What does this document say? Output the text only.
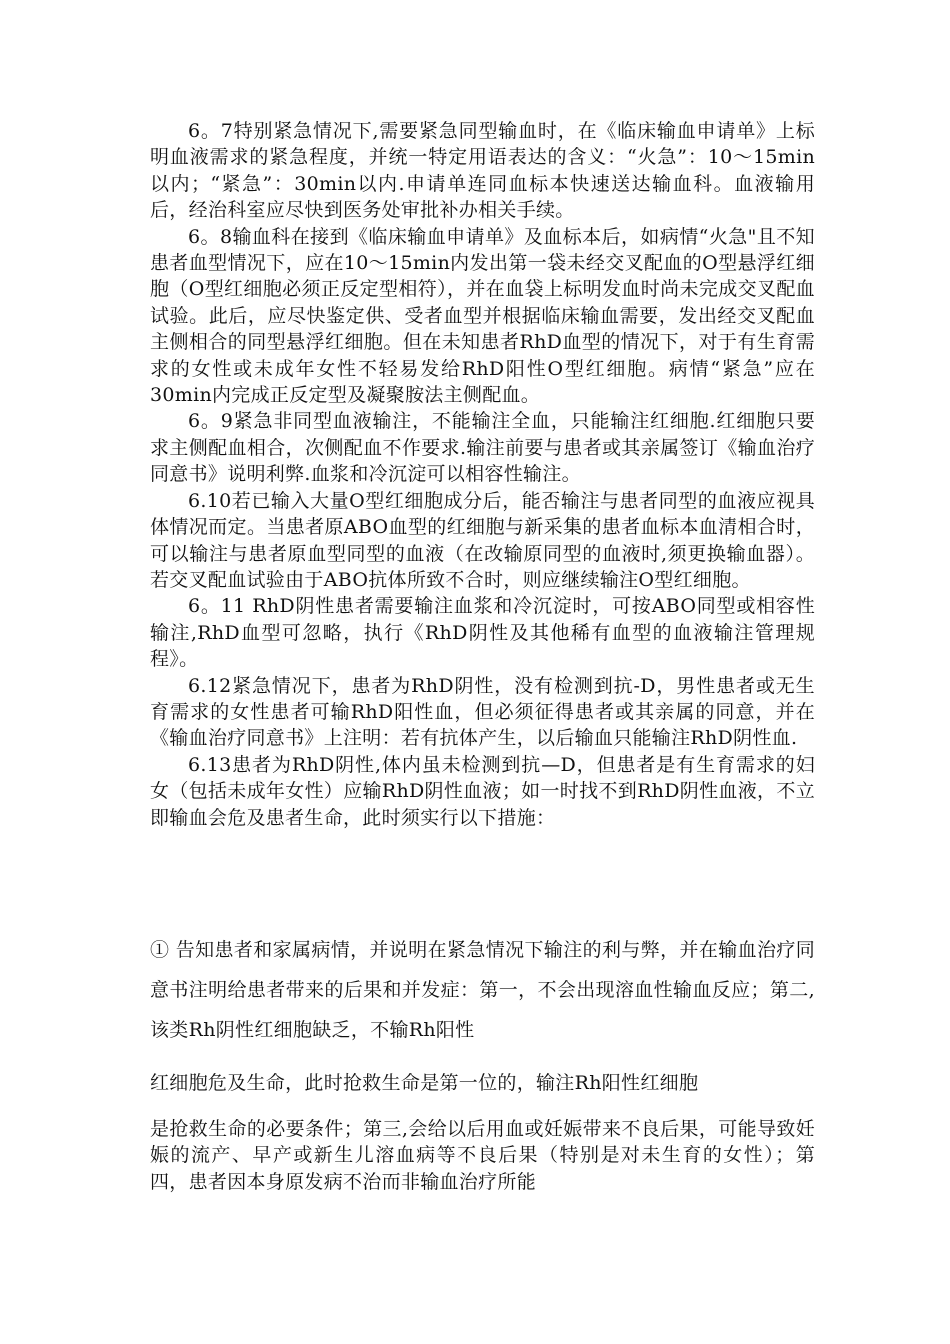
6。7特别紧急情况下,需要紧急同型输血时，在《临床输血申请单》上标明血液需求的紧急程度，并统一特定用语表达的含义：“火急”：10～15min以内；“紧急”：30min以内.申请单连同血标本快速送达输血科。血液输用后，经治科室应尽快到医务处审批补办相关手续。

6。8输血科在接到《临床输血申请单》及血标本后，如病情“火急"且不知患者血型情况下，应在10～15min内发出第一袋未经交叉配血的O型悬浮红细胞（O型红细胞必须正反定型相符），并在血袋上标明发血时尚未完成交叉配血试验。此后，应尽快鉴定供、受者血型并根据临床输血需要，发出经交叉配血主侧相合的同型悬浮红细胞。但在未知患者RhD血型的情况下，对于有生育需求的女性或未成年女性不轻易发给RhD阳性O型红细胞。病情“紧急”应在30min内完成正反定型及凝聚胺法主侧配血。

6。9紧急非同型血液输注，不能输注全血，只能输注红细胞.红细胞只要求主侧配血相合，次侧配血不作要求.输注前要与患者或其亲属签订《输血治疗同意书》说明利弊.血浆和冷沉淀可以相容性输注。

6.10若已输入大量O型红细胞成分后，能否输注与患者同型的血液应视具体情况而定。当患者原ABO血型的红细胞与新采集的患者血标本血清相合时，可以输注与患者原血型同型的血液（在改输原同型的血液时,须更换输血器）。若交叉配血试验由于ABO抗体所致不合时，则应继续输注O型红细胞。

6。11 RhD阴性患者需要输注血浆和冷沉淀时，可按ABO同型或相容性输注,RhD血型可忽略，执行《RhD阴性及其他稀有血型的血液输注管理规程》。

6.12紧急情况下，患者为RhD阴性，没有检测到抗-D，男性患者或无生育需求的女性患者可输RhD阳性血，但必须征得患者或其亲属的同意，并在《输血治疗同意书》上注明：若有抗体产生，以后输血只能输注RhD阴性血.

6.13患者为RhD阴性,体内虽未检测到抗—D，但患者是有生育需求的妇女（包括未成年女性）应输RhD阴性血液；如一时找不到RhD阴性血液，不立即输血会危及患者生命，此时须实行以下措施：

① 告知患者和家属病情，并说明在紧急情况下输注的利与弊，并在输血治疗同意书注明给患者带来的后果和并发症：第一，不会出现溶血性输血反应；第二,该类Rh阴性红细胞缺乏，不输Rh阳性
红细胞危及生命，此时抢救生命是第一位的，输注Rh阳性红细胞
是抢救生命的必要条件；第三,会给以后用血或妊娠带来不良后果，可能导致妊娠的流产、早产或新生儿溶血病等不良后果（特别是对未生育的女性）；第四，患者因本身原发病不治而非输血治疗所能
